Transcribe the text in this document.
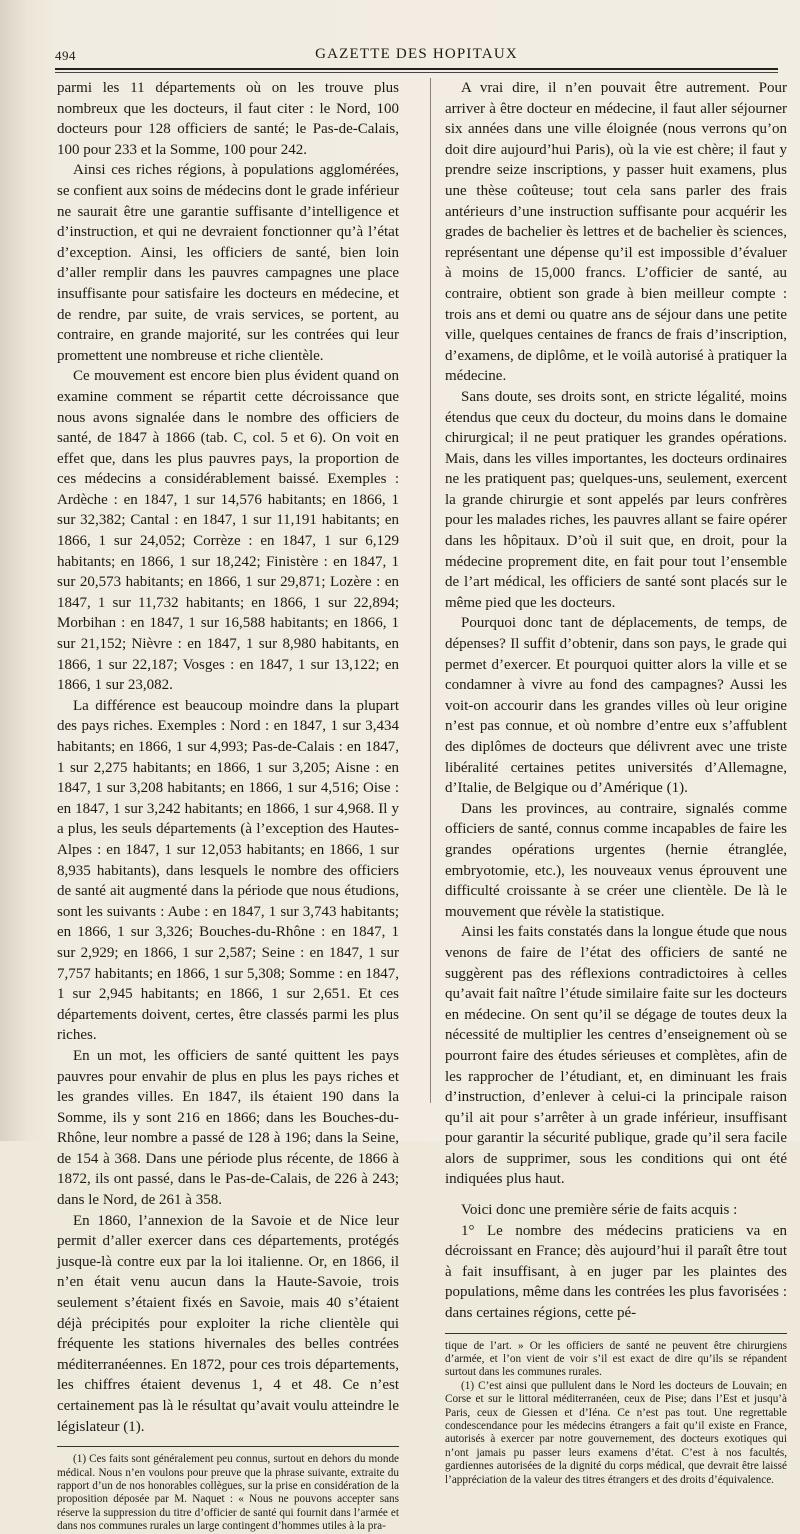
494	GAZETTE DES HOPITAUX

parmi les 11 départements où on les trouve plus nombreux que les docteurs, il faut citer : le Nord, 100 docteurs pour 128 officiers de santé; le Pas-de-Calais, 100 pour 233 et la Somme, 100 pour 242.

Ainsi ces riches régions, à populations agglomérées, se confient aux soins de médecins dont le grade inférieur ne saurait être une garantie suffisante d’intelligence et d’instruction, et qui ne devraient fonctionner qu’à l’état d’exception. Ainsi, les officiers de santé, bien loin d’aller remplir dans les pauvres campagnes une place insuffisante pour satisfaire les docteurs en médecine, et de rendre, par suite, de vrais services, se portent, au contraire, en grande majorité, sur les contrées qui leur promettent une nombreuse et riche clientèle.

Ce mouvement est encore bien plus évident quand on examine comment se répartit cette décroissance que nous avons signalée dans le nombre des officiers de santé, de 1847 à 1866 (tab. C, col. 5 et 6). On voit en effet que, dans les plus pauvres pays, la proportion de ces médecins a considérablement baissé. Exemples : Ardèche : en 1847, 1 sur 14,576 habitants; en 1866, 1 sur 32,382; Cantal : en 1847, 1 sur 11,191 habitants; en 1866, 1 sur 24,052; Corrèze : en 1847, 1 sur 6,129 habitants; en 1866, 1 sur 18,242; Finistère : en 1847, 1 sur 20,573 habitants; en 1866, 1 sur 29,871; Lozère : en 1847, 1 sur 11,732 habitants; en 1866, 1 sur 22,894; Morbihan : en 1847, 1 sur 16,588 habitants; en 1866, 1 sur 21,152; Nièvre : en 1847, 1 sur 8,980 habitants, en 1866, 1 sur 22,187; Vosges : en 1847, 1 sur 13,122; en 1866, 1 sur 23,082.

La différence est beaucoup moindre dans la plupart des pays riches. Exemples : Nord : en 1847, 1 sur 3,434 habitants; en 1866, 1 sur 4,993; Pas-de-Calais : en 1847, 1 sur 2,275 habitants; en 1866, 1 sur 3,205; Aisne : en 1847, 1 sur 3,208 habitants; en 1866, 1 sur 4,516; Oise : en 1847, 1 sur 3,242 habitants; en 1866, 1 sur 4,968. Il y a plus, les seuls départements (à l’exception des Hautes-Alpes : en 1847, 1 sur 12,053 habitants; en 1866, 1 sur 8,935 habitants), dans lesquels le nombre des officiers de santé ait augmenté dans la période que nous étudions, sont les suivants : Aube : en 1847, 1 sur 3,743 habitants; en 1866, 1 sur 3,326; Bouches-du-Rhône : en 1847, 1 sur 2,929; en 1866, 1 sur 2,587; Seine : en 1847, 1 sur 7,757 habitants; en 1866, 1 sur 5,308; Somme : en 1847, 1 sur 2,945 habitants; en 1866, 1 sur 2,651. Et ces départements doivent, certes, être classés parmi les plus riches.

En un mot, les officiers de santé quittent les pays pauvres pour envahir de plus en plus les pays riches et les grandes villes. En 1847, ils étaient 190 dans la Somme, ils y sont 216 en 1866; dans les Bouches-du-Rhône, leur nombre a passé de 128 à 196; dans la Seine, de 154 à 368. Dans une période plus récente, de 1866 à 1872, ils ont passé, dans le Pas-de-Calais, de 226 à 243; dans le Nord, de 261 à 358.

En 1860, l’annexion de la Savoie et de Nice leur permit d’aller exercer dans ces départements, protégés jusque-là contre eux par la loi italienne. Or, en 1866, il n’en était venu aucun dans la Haute-Savoie, trois seulement s’étaient fixés en Savoie, mais 40 s’étaient déjà précipités pour exploiter la riche clientèle qui fréquente les stations hivernales des belles contrées méditerranéennes. En 1872, pour ces trois départements, les chiffres étaient devenus 1, 4 et 48. Ce n’est certainement pas là le résultat qu’avait voulu atteindre le législateur (1).

(1) Ces faits sont généralement peu connus, surtout en dehors du monde médical. Nous n’en voulons pour preuve que la phrase suivante, extraite du rapport d’un de nos honorables collègues, sur la prise en considération de la proposition déposée par M. Naquet : « Nous ne pouvons accepter sans réserve la suppression du titre d’officier de santé qui fournit dans l’armée et dans nos communes rurales un large contingent d’hommes utiles à la pra-

A vrai dire, il n’en pouvait être autrement. Pour arriver à être docteur en médecine, il faut aller séjourner six années dans une ville éloignée (nous verrons qu’on doit dire aujourd’hui Paris), où la vie est chère; il faut y prendre seize inscriptions, y passer huit examens, plus une thèse coûteuse; tout cela sans parler des frais antérieurs d’une instruction suffisante pour acquérir les grades de bachelier ès lettres et de bachelier ès sciences, représentant une dépense qu’il est impossible d’évaluer à moins de 15,000 francs. L’officier de santé, au contraire, obtient son grade à bien meilleur compte : trois ans et demi ou quatre ans de séjour dans une petite ville, quelques centaines de francs de frais d’inscription, d’examens, de diplôme, et le voilà autorisé à pratiquer la médecine.

Sans doute, ses droits sont, en stricte légalité, moins étendus que ceux du docteur, du moins dans le domaine chirurgical; il ne peut pratiquer les grandes opérations. Mais, dans les villes importantes, les docteurs ordinaires ne les pratiquent pas; quelques-uns, seulement, exercent la grande chirurgie et sont appelés par leurs confrères pour les malades riches, les pauvres allant se faire opérer dans les hôpitaux. D’où il suit que, en droit, pour la médecine proprement dite, en fait pour tout l’ensemble de l’art médical, les officiers de santé sont placés sur le même pied que les docteurs.

Pourquoi donc tant de déplacements, de temps, de dépenses? Il suffit d’obtenir, dans son pays, le grade qui permet d’exercer. Et pourquoi quitter alors la ville et se condamner à vivre au fond des campagnes? Aussi les voit-on accourir dans les grandes villes où leur origine n’est pas connue, et où nombre d’entre eux s’affublent des diplômes de docteurs que délivrent avec une triste libéralité certaines petites universités d’Allemagne, d’Italie, de Belgique ou d’Amérique (1).

Dans les provinces, au contraire, signalés comme officiers de santé, connus comme incapables de faire les grandes opérations urgentes (hernie étranglée, embryotomie, etc.), les nouveaux venus éprouvent une difficulté croissante à se créer une clientèle. De là le mouvement que révèle la statistique.

Ainsi les faits constatés dans la longue étude que nous venons de faire de l’état des officiers de santé ne suggèrent pas des réflexions contradictoires à celles qu’avait fait naître l’étude similaire faite sur les docteurs en médecine. On sent qu’il se dégage de toutes deux la nécessité de multiplier les centres d’enseignement où se pourront faire des études sérieuses et complètes, afin de les rapprocher de l’étudiant, et, en diminuant les frais d’instruction, d’enlever à celui-ci la principale raison qu’il ait pour s’arrêter à un grade inférieur, insuffisant pour garantir la sécurité publique, grade qu’il sera facile alors de supprimer, sous les conditions qui ont été indiquées plus haut.

Voici donc une première série de faits acquis :

1° Le nombre des médecins praticiens va en décroissant en France; dès aujourd’hui il paraît être tout à fait insuffisant, à en juger par les plaintes des populations, même dans les contrées les plus favorisées : dans certaines régions, cette pé-

tique de l’art. » Or les officiers de santé ne peuvent être chirurgiens d’armée, et l’on vient de voir s’il est exact de dire qu’ils se répandent surtout dans les communes rurales.

(1) C’est ainsi que pullulent dans le Nord les docteurs de Louvain; en Corse et sur le littoral méditerranéen, ceux de Pise; dans l’Est et jusqu’à Paris, ceux de Giessen et d’Iéna. Ce n’est pas tout. Une regrettable condescendance pour les médecins étrangers a fait qu’il existe en France, autorisés à exercer par notre gouvernement, des docteurs exotiques qui n’ont jamais pu passer leurs examens d’état. C’est à nos facultés, gardiennes autorisées de la dignité du corps médical, que devrait être laissé l’appréciation de la valeur des titres étrangers et des droits d’équivalence.
